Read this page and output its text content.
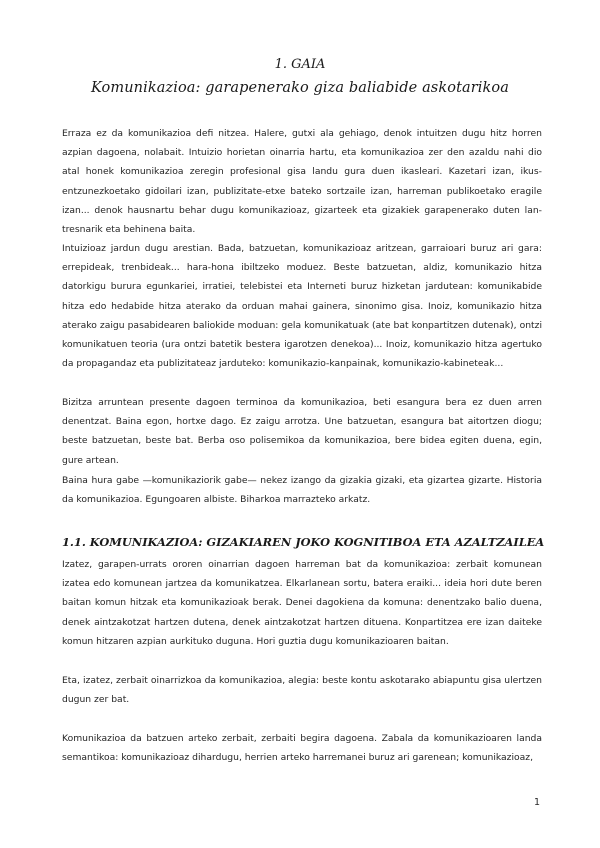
1. GAIA
Komunikazioa: garapenerako giza baliabide askotarikoa

Erraza ez da komunikazioa defi nitzea. Halere, gutxi ala gehiago, denok intuitzen dugu hitz horren azpian dagoena, nolabait. Intuizio horietan oinarria hartu, eta komunikazioa zer den azaldu nahi dio atal honek komunikazioa zeregin profesional gisa landu gura duen ikasleari. Kazetari izan, ikus-entzunezkoetako gidoilari izan, publizitate-etxe bateko sortzaile izan, harreman publikoetako eragile izan... denok hausnartu behar dugu komunikazioaz, gizarteek eta gizakiek garapenerako duten lan-tresnarik eta behinena baita.

Intuizioaz jardun dugu arestian. Bada, batzuetan, komunikazioaz aritzean, garraioari buruz ari gara: errepideak, trenbideak... hara-hona ibiltzeko moduez. Beste batzuetan, aldiz, komunikazio hitza datorkigu burura egunkariei, irratiei, telebistei eta Interneti buruz hizketan jardutean: komunikabide hitza edo hedabide hitza aterako da orduan mahai gainera, sinonimo gisa. Inoiz, komunikazio hitza aterako zaigu pasabidearen baliokide moduan: gela komunikatuak (ate bat konpartitzen dutenak), ontzi komunikatuen teoria (ura ontzi batetik bestera igarotzen denekoa)... Inoiz, komunikazio hitza agertuko da propagandaz eta publizitateaz jarduteko: komunikazio-kanpainak, komunikazio-kabineteak...

Bizitza arruntean presente dagoen terminoa da komunikazioa, beti esangura bera ez duen arren denentzat. Baina egon, hortxe dago. Ez zaigu arrotza. Une batzuetan, esangura bat aitortzen diogu; beste batzuetan, beste bat. Berba oso polisemikoa da komunikazioa, bere bidea egiten duena, egin, gure artean.

Baina hura gabe —komunikaziorik gabe— nekez izango da gizakia gizaki, eta gizartea gizarte. Historia da komunikazioa. Egungoaren albiste. Biharkoa marrazteko arkatz.

1.1. KOMUNIKAZIOA: GIZAKIAREN JOKO KOGNITIBOA ETA AZALTZAILEA

Izatez, garapen-urrats ororen oinarrian dagoen harreman bat da komunikazioa: zerbait komunean izatea edo komunean jartzea da komunikatzea. Elkarlanean sortu, batera eraiki... ideia hori dute beren baitan komun hitzak eta komunikazioak berak. Denei dagokiena da komuna: denentzako balio duena, denek aintzakotzat hartzen dutena, denek aintzakotzat hartzen dituena. Konpartitzea ere izan daiteke komun hitzaren azpian aurkituko duguna. Hori guztia dugu komunikazioaren baitan.

Eta, izatez, zerbait oinarrizkoa da komunikazioa, alegia: beste kontu askotarako abiapuntu gisa ulertzen dugun zer bat.

Komunikazioa da batzuen arteko zerbait, zerbaiti begira dagoena. Zabala da komunikazioaren landa semantikoa: komunikazioaz dihardugu, herrien arteko harremanei buruz ari garenean; komunikazioaz,

1
